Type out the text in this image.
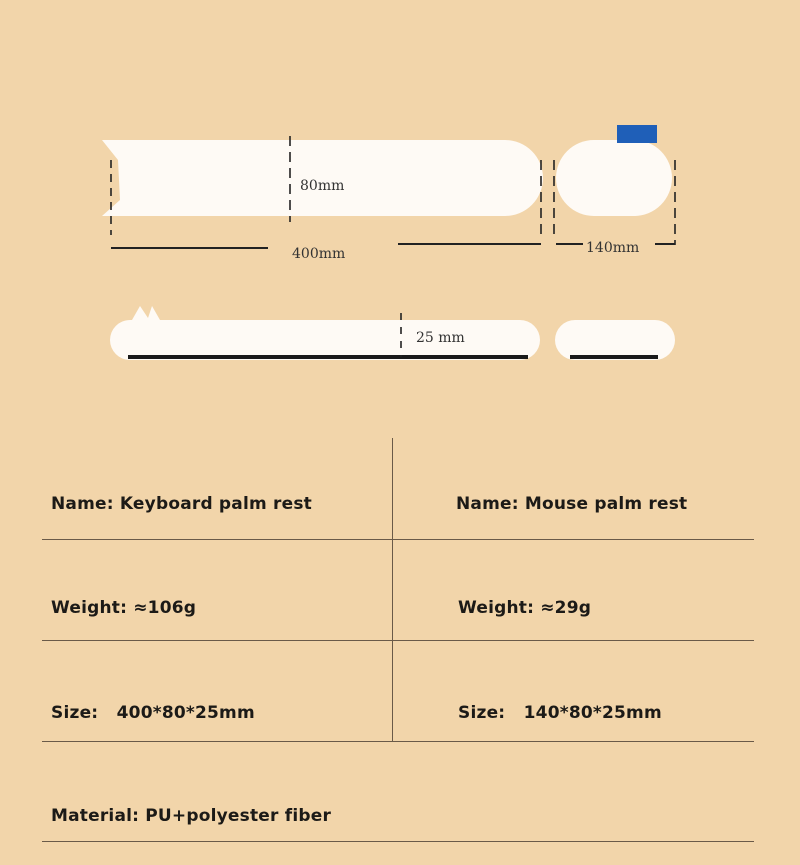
80mm
400mm	140mm
25 mm
Name: Keyboard palm rest	Name: Mouse palm rest
Weight: ≈106g	Weight: ≈29g
Size:   400*80*25mm	Size:   140*80*25mm
Material: PU+polyester fiber
